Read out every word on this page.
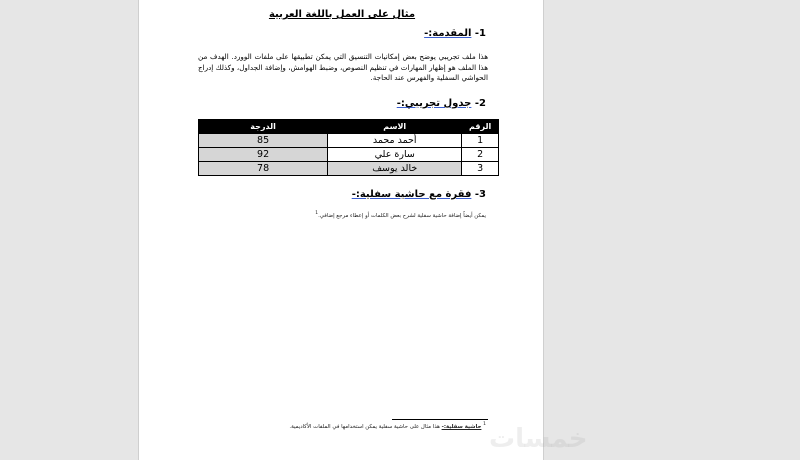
مثال على العمل باللغة العربية
1- المقدمة:-
هذا ملف تجريبي يوضح بعض إمكانيات التنسيق التي يمكن تطبيقها على ملفات الوورد. الهدف من هذا الملف هو إظهار المهارات في تنظيم النصوص، وضبط الهوامش، وإضافة الجداول، وكذلك إدراج الحواشي السفلية والفهرس عند الحاجة.
2- جدول تجريبي:-
الرقم	الاسم	الدرجة
1	أحمد محمد	85
2	سارة علي	92
3	خالد يوسف	78
3- فقرة مع حاشية سفلية:-
يمكن أيضاً إضافة حاشية سفلية لشرح بعض الكلمات أو إعطاء مرجع إضافي.$^1$
$^1$ حاشية سفلية:- هذا مثال على حاشية سفلية يمكن استخدامها في الملفات الأكاديمية.	خمسات
